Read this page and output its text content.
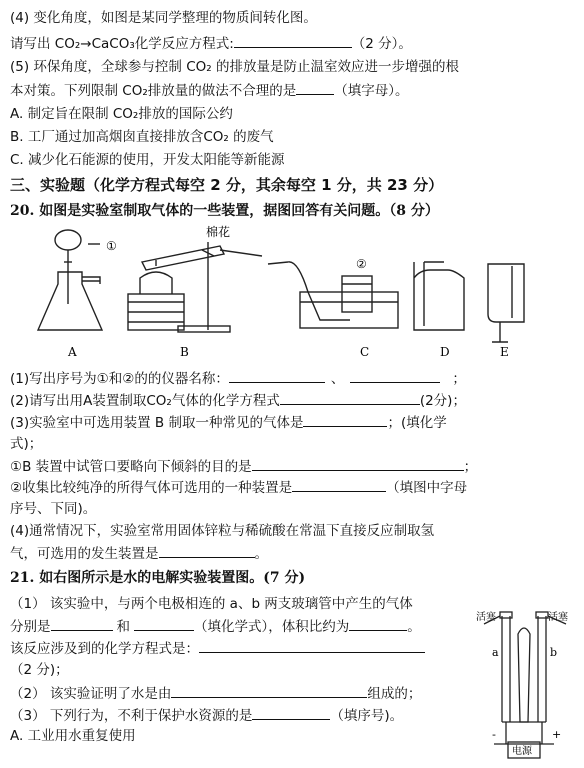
(4) 变化角度，如图是某同学整理的物质间转化图。
请写出 CO₂→CaCO₃化学反应方程式:	（2 分）。
(5) 环保角度，全球参与控制 CO₂ 的排放量是防止温室效应进一步增强的根
本对策。下列限制 CO₂排放量的做法不合理的是	（填字母）。
A. 制定旨在限制 CO₂排放的国际公约
B. 工厂通过加高烟囱直接排放含CO₂ 的废气
C. 减少化石能源的使用，开发太阳能等新能源
三、实验题（化学方程式每空 2 分，其余每空 1 分，共 23 分）
20. 如图是实验室制取气体的一些装置，据图回答有关问题。（8 分）
①
棉花
②
A	B	C	D	E
(1)写出序号为①和②的的仪器名称：	、	；
(2)请写出用A装置制取CO₂气体的化学方程式	(2分)；
(3)实验室中可选用装置 B 制取一种常见的气体是	；(填化学
式)；
①B 装置中试管口要略向下倾斜的目的是	；
②收集比较纯净的所得气体可选用的一种装置是	（填图中字母
序号、下同)。
(4)通常情况下，实验室常用固体锌粒与稀硫酸在常温下直接反应制取氢
气，可选用的发生装置是	。
21. 如右图所示是水的电解实验装置图。(7 分)
（1） 该实验中，与两个电极相连的 a、b 两支玻璃管中产生的气体
分别是	和	（填化学式），体积比约为	。
该反应涉及到的化学方程式是：
（2 分)；
（2） 该实验证明了水是由	组成的；
（3） 下列行为，不利于保护水资源的是	（填序号)。
A. 工业用水重复使用
活塞	活塞
a	b
-	+
电源
